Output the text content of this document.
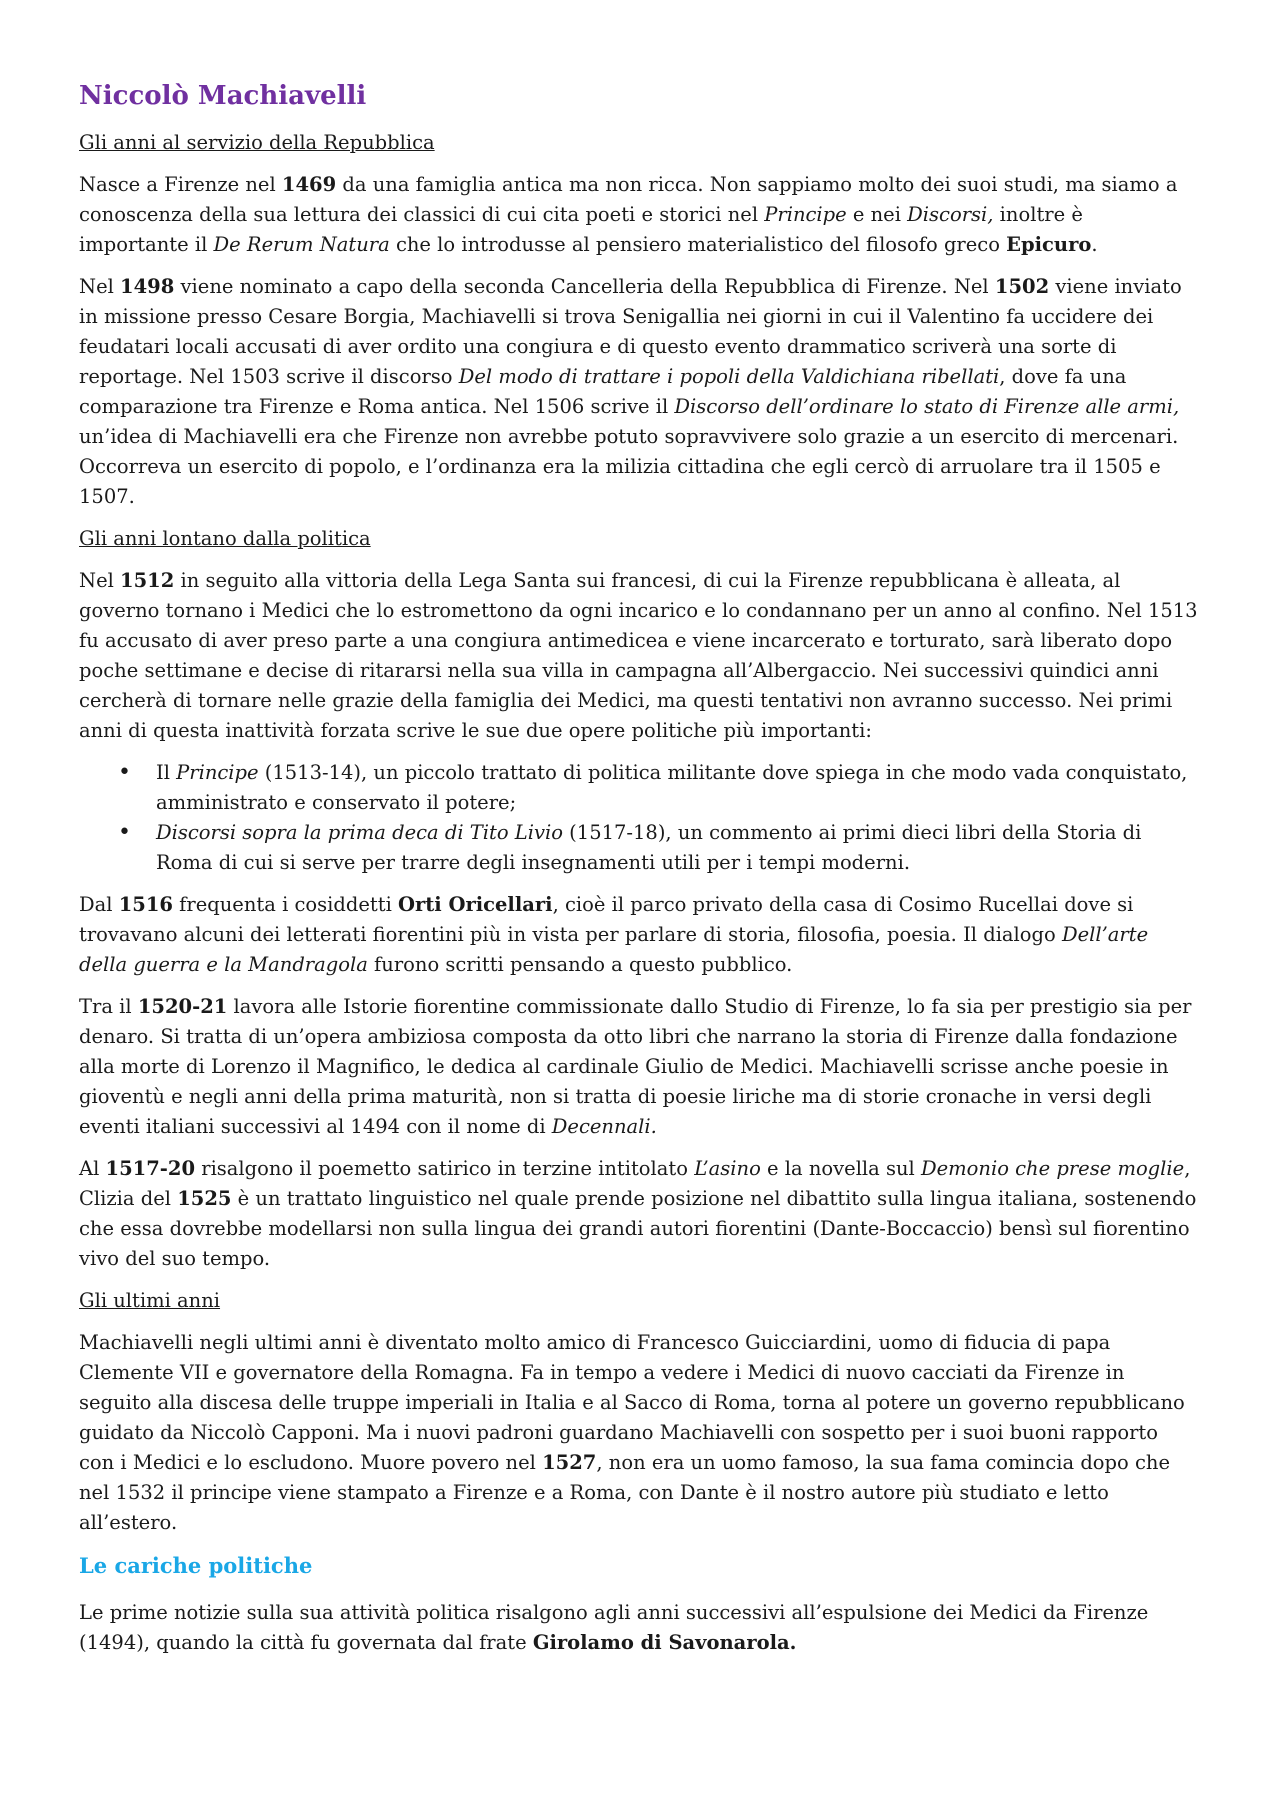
Niccolò Machiavelli
Gli anni al servizio della Repubblica

Nasce a Firenze nel 1469 da una famiglia antica ma non ricca. Non sappiamo molto dei suoi studi, ma siamo a conoscenza della sua lettura dei classici di cui cita poeti e storici nel Principe e nei Discorsi, inoltre è importante il De Rerum Natura che lo introdusse al pensiero materialistico del filosofo greco Epicuro.

Nel 1498 viene nominato a capo della seconda Cancelleria della Repubblica di Firenze. Nel 1502 viene inviato in missione presso Cesare Borgia, Machiavelli si trova Senigallia nei giorni in cui il Valentino fa uccidere dei feudatari locali accusati di aver ordito una congiura e di questo evento drammatico scriverà una sorte di reportage. Nel 1503 scrive il discorso Del modo di trattare i popoli della Valdichiana ribellati, dove fa una comparazione tra Firenze e Roma antica. Nel 1506 scrive il Discorso dell’ordinare lo stato di Firenze alle armi, un’idea di Machiavelli era che Firenze non avrebbe potuto sopravvivere solo grazie a un esercito di mercenari. Occorreva un esercito di popolo, e l’ordinanza era la milizia cittadina che egli cercò di arruolare tra il 1505 e 1507.

Gli anni lontano dalla politica

Nel 1512 in seguito alla vittoria della Lega Santa sui francesi, di cui la Firenze repubblicana è alleata, al governo tornano i Medici che lo estromettono da ogni incarico e lo condannano per un anno al confino. Nel 1513 fu accusato di aver preso parte a una congiura antimedicea e viene incarcerato e torturato, sarà liberato dopo poche settimane e decise di ritararsi nella sua villa in campagna all’Albergaccio. Nei successivi quindici anni cercherà di tornare nelle grazie della famiglia dei Medici, ma questi tentativi non avranno successo. Nei primi anni di questa inattività forzata scrive le sue due opere politiche più importanti:

• Il Principe (1513-14), un piccolo trattato di politica militante dove spiega in che modo vada conquistato, amministrato e conservato il potere;
• Discorsi sopra la prima deca di Tito Livio (1517-18), un commento ai primi dieci libri della Storia di Roma di cui si serve per trarre degli insegnamenti utili per i tempi moderni.

Dal 1516 frequenta i cosiddetti Orti Oricellari, cioè il parco privato della casa di Cosimo Rucellai dove si trovavano alcuni dei letterati fiorentini più in vista per parlare di storia, filosofia, poesia. Il dialogo Dell’arte della guerra e la Mandragola furono scritti pensando a questo pubblico.

Tra il 1520-21 lavora alle Istorie fiorentine commissionate dallo Studio di Firenze, lo fa sia per prestigio sia per denaro. Si tratta di un’opera ambiziosa composta da otto libri che narrano la storia di Firenze dalla fondazione alla morte di Lorenzo il Magnifico, le dedica al cardinale Giulio de Medici. Machiavelli scrisse anche poesie in gioventù e negli anni della prima maturità, non si tratta di poesie liriche ma di storie cronache in versi degli eventi italiani successivi al 1494 con il nome di Decennali.

Al 1517-20 risalgono il poemetto satirico in terzine intitolato L’asino e la novella sul Demonio che prese moglie, Clizia del 1525 è un trattato linguistico nel quale prende posizione nel dibattito sulla lingua italiana, sostenendo che essa dovrebbe modellarsi non sulla lingua dei grandi autori fiorentini (Dante-Boccaccio) bensì sul fiorentino vivo del suo tempo.

Gli ultimi anni

Machiavelli negli ultimi anni è diventato molto amico di Francesco Guicciardini, uomo di fiducia di papa Clemente VII e governatore della Romagna. Fa in tempo a vedere i Medici di nuovo cacciati da Firenze in seguito alla discesa delle truppe imperiali in Italia e al Sacco di Roma, torna al potere un governo repubblicano guidato da Niccolò Capponi. Ma i nuovi padroni guardano Machiavelli con sospetto per i suoi buoni rapporto con i Medici e lo escludono. Muore povero nel 1527, non era un uomo famoso, la sua fama comincia dopo che nel 1532 il principe viene stampato a Firenze e a Roma, con Dante è il nostro autore più studiato e letto all’estero.

Le cariche politiche

Le prime notizie sulla sua attività politica risalgono agli anni successivi all’espulsione dei Medici da Firenze (1494), quando la città fu governata dal frate Girolamo di Savonarola.
